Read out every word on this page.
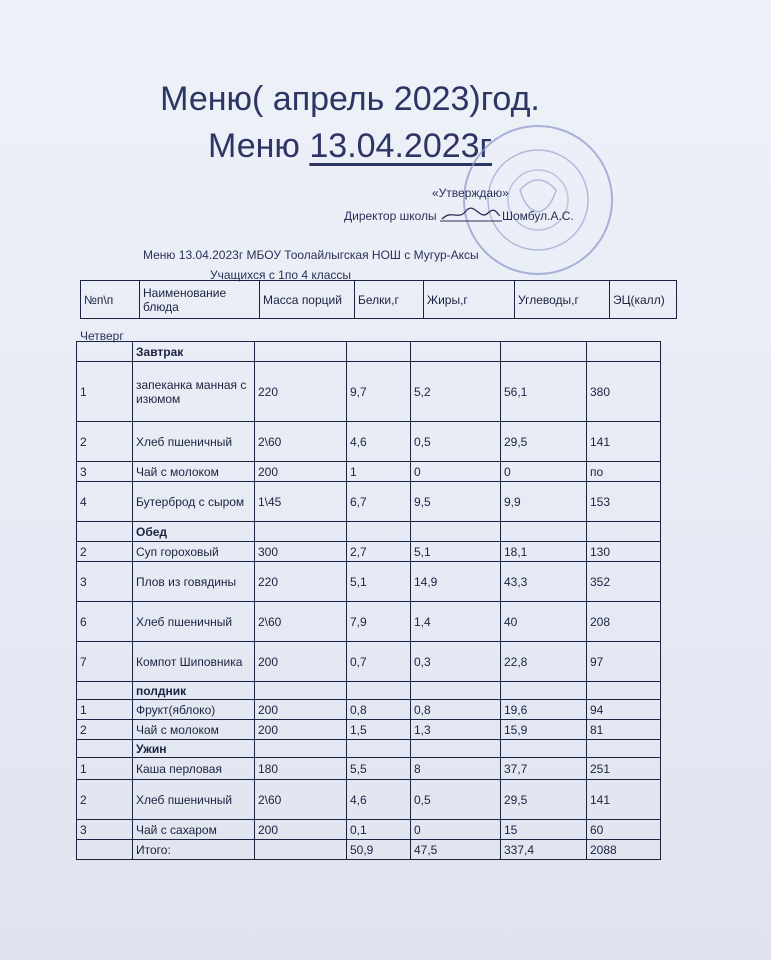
Меню( апрель 2023)год.
Меню 13.04.2023г
«Утверждаю»
Директор школы	Шомбул.А.С.
Меню 13.04.2023г МБОУ Тоолайлыгская НОШ с Мугур-Аксы
Учащихся с 1по 4 классы
№п\п	Наименование блюда	Масса порций	Белки,г	Жиры,г	Углеводы,г	ЭЦ(калл)
Четверг
	Завтрак					
1	запеканка манная с изюмом	220	9,7	5,2	56,1	380
2	Хлеб пшеничный	2\60	4,6	0,5	29,5	141
3	Чай с молоком	200	1	0	0	по
4	Бутерброд с сыром	1\45	6,7	9,5	9,9	153
	Обед					
2	Суп гороховый	300	2,7	5,1	18,1	130
3	Плов из говядины	220	5,1	14,9	43,3	352
6	Хлеб пшеничный	2\60	7,9	1,4	40	208
7	Компот Шиповника	200	0,7	0,3	22,8	97
	полдник					
1	Фрукт(яблоко)	200	0,8	0,8	19,6	94
2	Чай с молоком	200	1,5	1,3	15,9	81
	Ужин					
1	Каша перловая	180	5,5	8	37,7	251
2	Хлеб пшеничный	2\60	4,6	0,5	29,5	141
3	Чай с сахаром	200	0,1	0	15	60
	Итого:		50,9	47,5	337,4	2088
